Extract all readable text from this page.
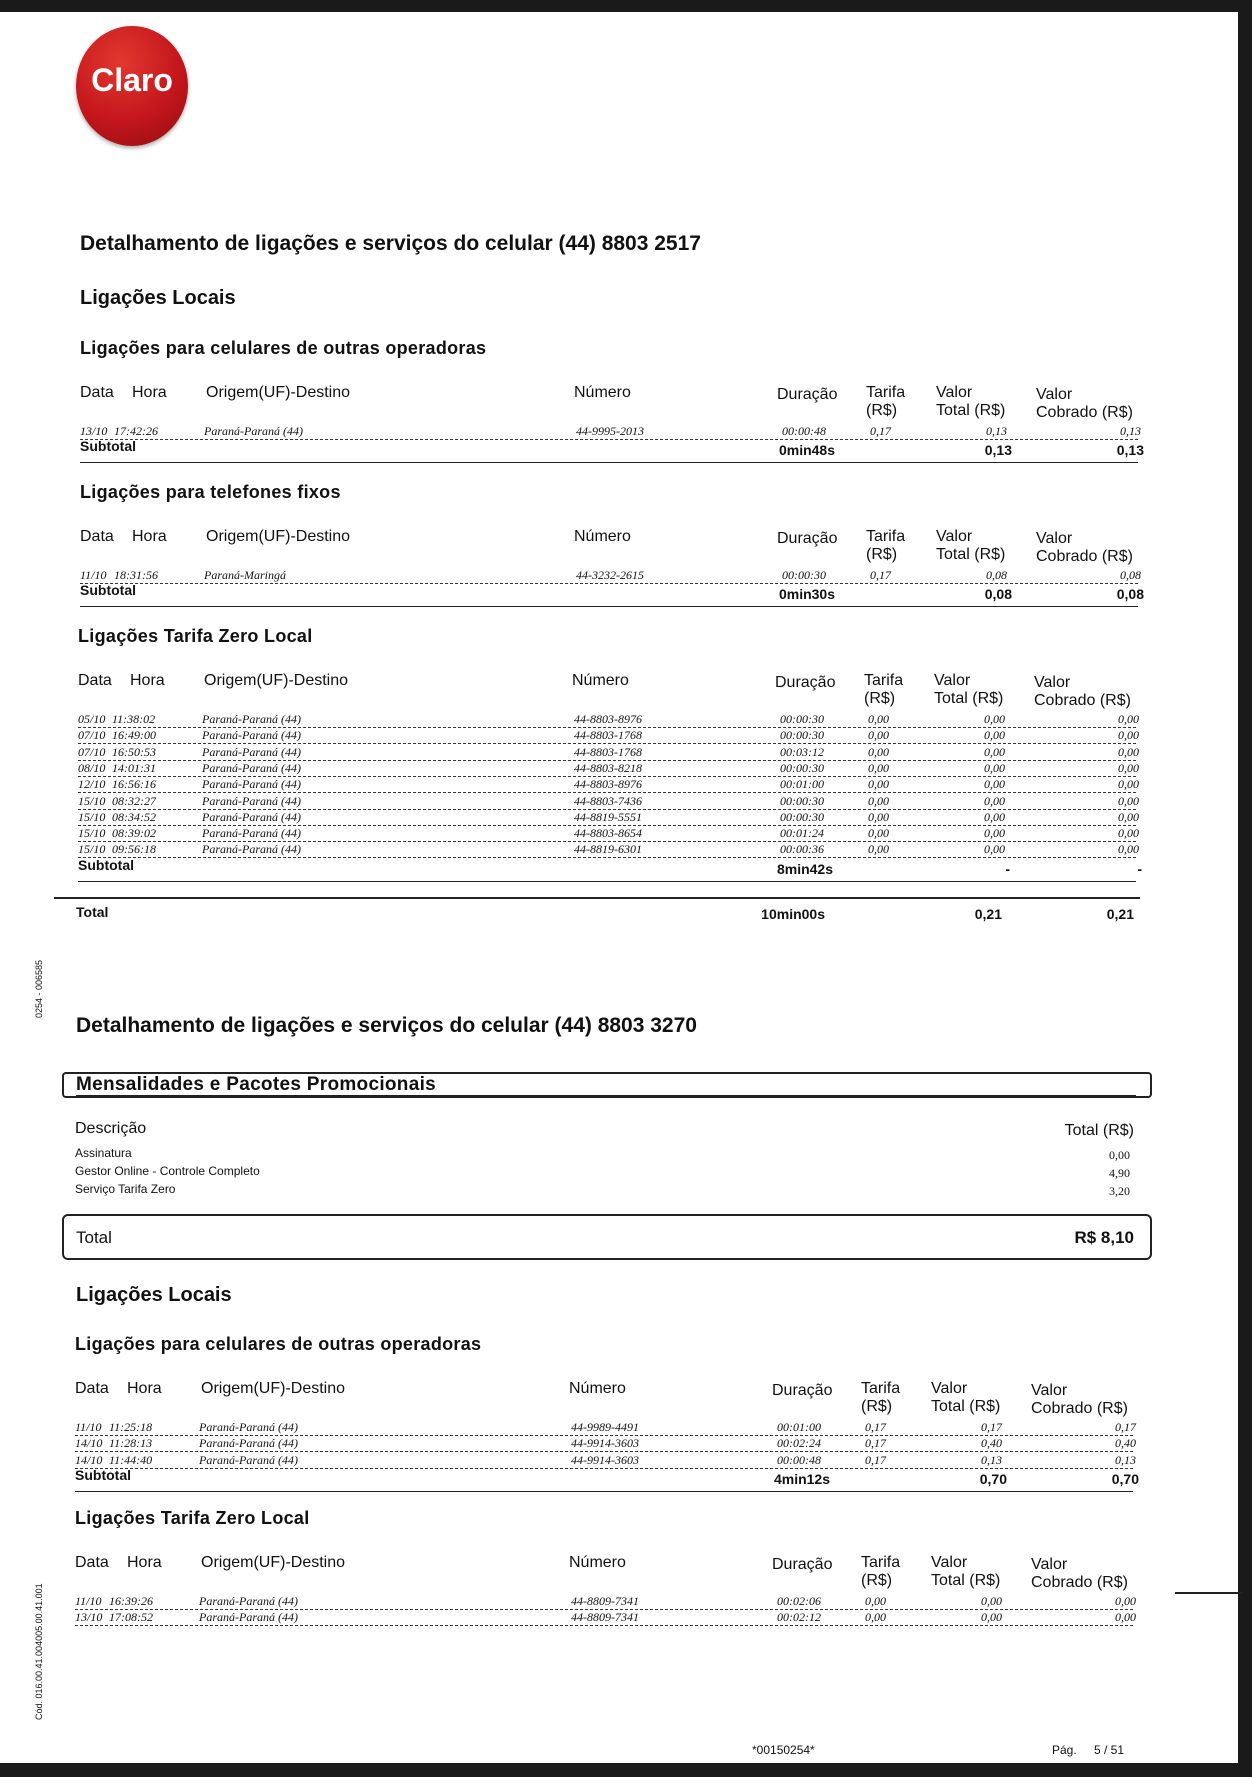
Claro
0254 - 006585
Cód. 016.00.41.004005.00.41.001
Detalhamento de ligações e serviços do celular (44) 8803 2517
Ligações Locais
Ligações para celulares de outras operadoras
Data Hora Origem(UF)-Destino	Número	Duração Tarifa
(R$)
Valor
Total (R$)
Valor
Cobrado (R$)
13/10 17:42:26	Paraná-Paraná (44)	44-9995-2013	00:00:48	0,17	0,13	0,13
Subtotal	0min48s	0,13	0,13
Ligações para telefones fixos
Data Hora Origem(UF)-Destino	Número	Duração Tarifa
(R$)
Valor
Total (R$)
Valor
Cobrado (R$)
11/10 18:31:56	Paraná-Maringá	44-3232-2615	00:00:30	0,17	0,08	0,08
Subtotal	0min30s	0,08	0,08
Ligações Tarifa Zero Local
Data Hora Origem(UF)-Destino	Número	Duração Tarifa
(R$)
Valor
Total (R$)
Valor
Cobrado (R$)
05/10 11:38:02	Paraná-Paraná (44)	44-8803-8976	00:00:30	0,00	0,00	0,00
07/10 16:49:00	Paraná-Paraná (44)	44-8803-1768	00:00:30	0,00	0,00	0,00
07/10 16:50:53	Paraná-Paraná (44)	44-8803-1768	00:03:12	0,00	0,00	0,00
08/10 14:01:31	Paraná-Paraná (44)	44-8803-8218	00:00:30	0,00	0,00	0,00
12/10 16:56:16	Paraná-Paraná (44)	44-8803-8976	00:01:00	0,00	0,00	0,00
15/10 08:32:27	Paraná-Paraná (44)	44-8803-7436	00:00:30	0,00	0,00	0,00
15/10 08:34:52	Paraná-Paraná (44)	44-8819-5551	00:00:30	0,00	0,00	0,00
15/10 08:39:02	Paraná-Paraná (44)	44-8803-8654	00:01:24	0,00	0,00	0,00
15/10 09:56:18	Paraná-Paraná (44)	44-8819-6301	00:00:36	0,00	0,00	0,00
Subtotal	8min42s	-	-
Total	10min00s	0,21	0,21
Detalhamento de ligações e serviços do celular (44) 8803 3270
Mensalidades e Pacotes Promocionais
Descrição	Total (R$)
Assinatura	0,00
Gestor Online - Controle Completo	4,90
Serviço Tarifa Zero	3,20
Total	R$ 8,10
Ligações Locais
Ligações para celulares de outras operadoras
Data Hora Origem(UF)-Destino	Número	Duração Tarifa
(R$)
Valor
Total (R$)
Valor
Cobrado (R$)
11/10 11:25:18	Paraná-Paraná (44)	44-9989-4491	00:01:00	0,17	0,17	0,17
14/10 11:28:13	Paraná-Paraná (44)	44-9914-3603	00:02:24	0,17	0,40	0,40
14/10 11:44:40	Paraná-Paraná (44)	44-9914-3603	00:00:48	0,17	0,13	0,13
Subtotal	4min12s	0,70	0,70
Ligações Tarifa Zero Local
Data Hora Origem(UF)-Destino	Número	Duração Tarifa
(R$)
Valor
Total (R$)
Valor
Cobrado (R$)
11/10 16:39:26	Paraná-Paraná (44)	44-8809-7341	00:02:06	0,00	0,00	0,00
13/10 17:08:52	Paraná-Paraná (44)	44-8809-7341	00:02:12	0,00	0,00	0,00
*00150254*	Pág. 5 / 51
